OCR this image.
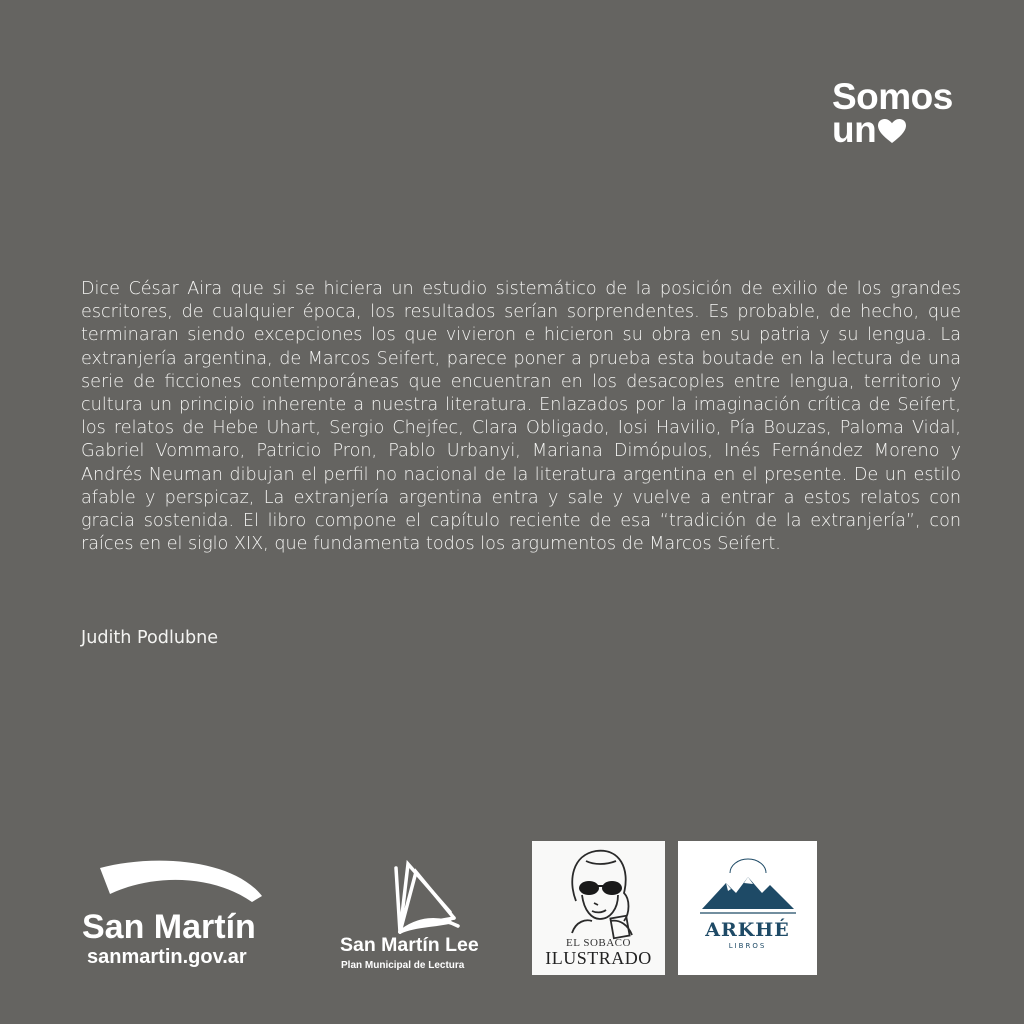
Somos
un

Dice César Aira que si se hiciera un estudio sistemático de la posición de exilio de los grandes escritores, de cualquier época, los resultados serían sorprendentes. Es probable, de hecho, que terminaran siendo excepciones los que vivieron e hicieron su obra en su patria y su lengua. La extranjería argentina, de Marcos Seifert, parece poner a prueba esta boutade en la lectura de una serie de ficciones contemporáneas que encuentran en los desacoples entre lengua, territorio y cultura un principio inherente a nuestra literatura. Enlazados por la imaginación crítica de Seifert, los relatos de Hebe Uhart, Sergio Chejfec, Clara Obligado, Iosi Havilio, Pía Bouzas, Paloma Vidal, Gabriel Vommaro, Patricio Pron, Pablo Urbanyi, Mariana Dimópulos, Inés Fernández Moreno y Andrés Neuman dibujan el perfil no nacional de la literatura argentina en el presente. De un estilo afable y perspicaz, La extranjería argentina entra y sale y vuelve a entrar a estos relatos con gracia sostenida. El libro compone el capítulo reciente de esa “tradición de la extranjería”, con raíces en el siglo XIX, que fundamenta todos los argumentos de Marcos Seifert.

Judith Podlubne
San Martín
sanmartin.gov.ar
San Martín Lee
Plan Municipal de Lectura
EL SOBACO
ILUSTRADO
ARKHÉ
LIBROS
